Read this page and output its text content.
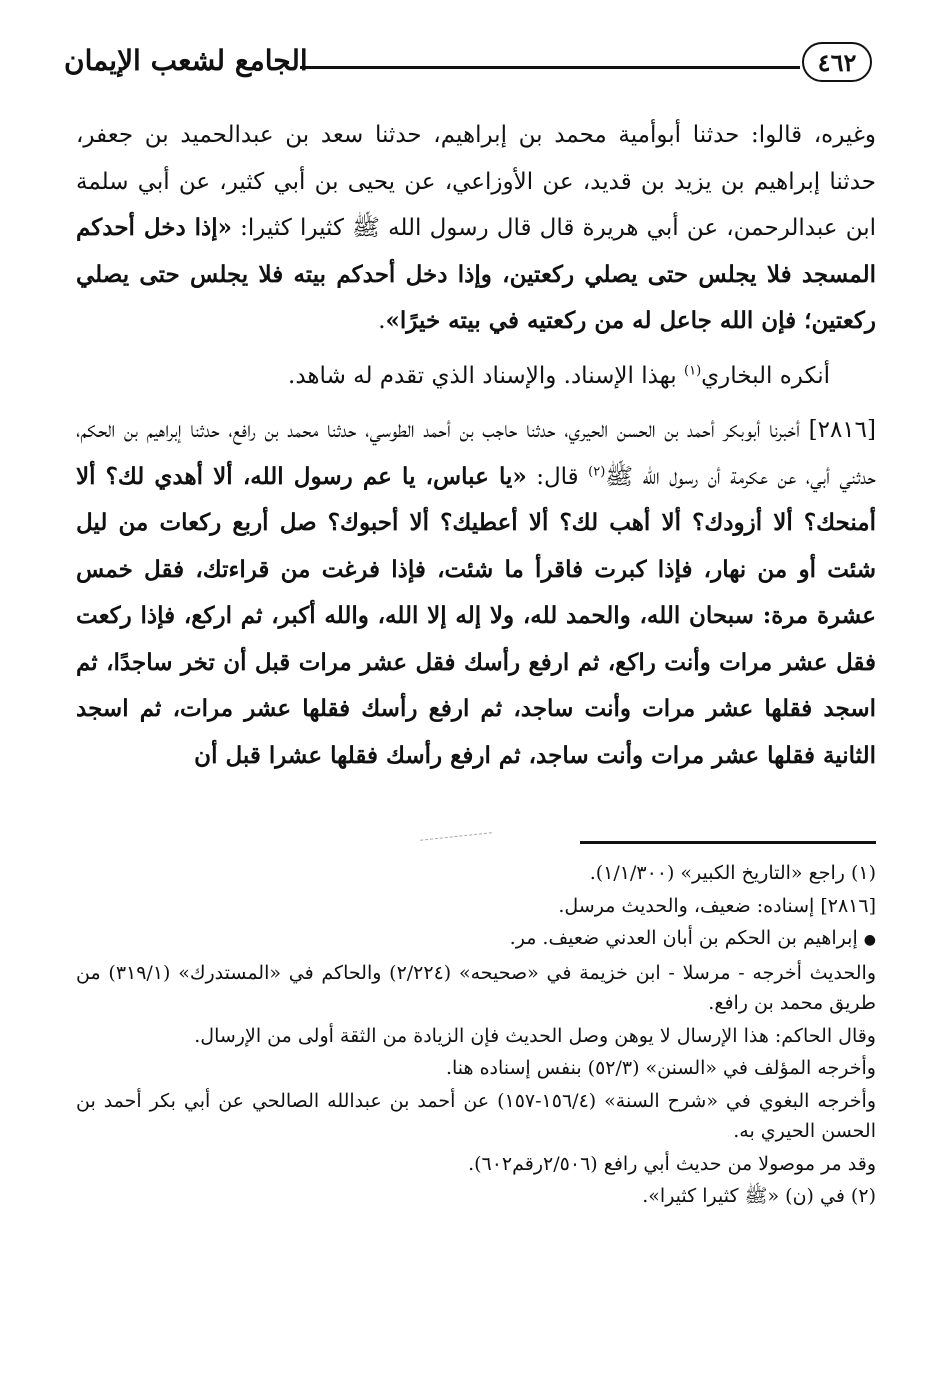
٤٦٢
الجامع لشعب الإيمان

وغيره، قالوا: حدثنا أبوأمية محمد بن إبراهيم، حدثنا سعد بن عبدالحميد بن جعفر، حدثنا إبراهيم بن يزيد بن قديد، عن الأوزاعي، عن يحيى بن أبي كثير، عن أبي سلمة ابن عبدالرحمن، عن أبي هريرة قال قال رسول الله ﷺ كثيرا كثيرا: «إذا دخل أحدكم المسجد فلا يجلس حتى يصلي ركعتين، وإذا دخل أحدكم بيته فلا يجلس حتى يصلي ركعتين؛ فإن الله جاعل له من ركعتيه في بيته خيرًا».

أنكره البخاري$^{(١)}$ بهذا الإسناد. والإسناد الذي تقدم له شاهد.

[٢٨١٦] أخبرنا أبوبكر أحمد بن الحسن الحيري، حدثنا حاجب بن أحمد الطوسي، حدثنا محمد بن رافع، حدثنا إبراهيم بن الحكم، حدثني أبي، عن عكرمة أن رسول الله ﷺ$^{(٢)}$ قال: «يا عباس، يا عم رسول الله، ألا أهدي لك؟ ألا أمنحك؟ ألا أزودك؟ ألا أهب لك؟ ألا أعطيك؟ ألا أحبوك؟ صل أربع ركعات من ليل شئت أو من نهار، فإذا كبرت فاقرأ ما شئت، فإذا فرغت من قراءتك، فقل خمس عشرة مرة: سبحان الله، والحمد لله، ولا إله إلا الله، والله أكبر، ثم اركع، فإذا ركعت فقل عشر مرات وأنت راكع، ثم ارفع رأسك فقل عشر مرات قبل أن تخر ساجدًا، ثم اسجد فقلها عشر مرات وأنت ساجد، ثم ارفع رأسك فقلها عشر مرات، ثم اسجد الثانية فقلها عشر مرات وأنت ساجد، ثم ارفع رأسك فقلها عشرا قبل أن

(١) راجع «التاريخ الكبير» (١/١/٣٠٠).

[٢٨١٦] إسناده: ضعيف، والحديث مرسل.

● إبراهيم بن الحكم بن أبان العدني ضعيف. مر.

والحديث أخرجه - مرسلا - ابن خزيمة في «صحيحه» (٢/٢٢٤) والحاكم في «المستدرك» (٣١٩/١) من طريق محمد بن رافع.

وقال الحاكم: هذا الإرسال لا يوهن وصل الحديث فإن الزيادة من الثقة أولى من الإرسال.

وأخرجه المؤلف في «السنن» (٥٢/٣) بنفس إسناده هنا.

وأخرجه البغوي في «شرح السنة» (١٥٦/٤-١٥٧) عن أحمد بن عبدالله الصالحي عن أبي بكر أحمد بن الحسن الحيري به.

وقد مر موصولا من حديث أبي رافع (٢/٥٠٦رقم٦٠٢).

(٢) في (ن) «ﷺ كثيرا كثيرا».
